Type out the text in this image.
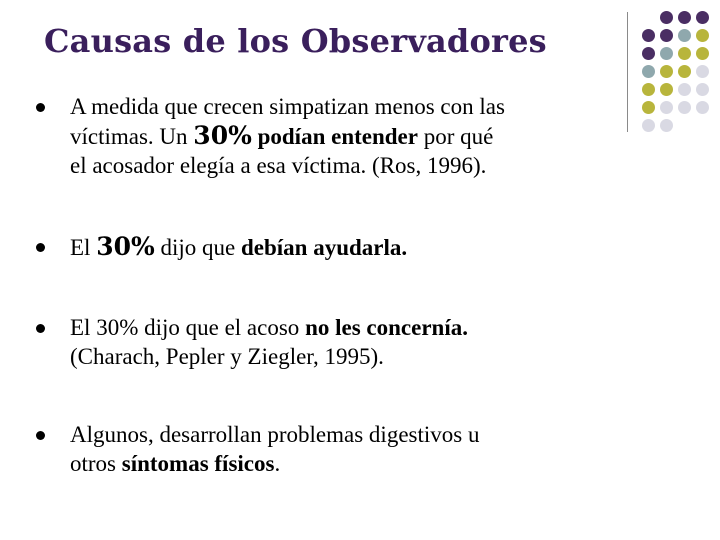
Causas de los Observadores
A medida que crecen simpatizan menos con las
víctimas. Un 30% podían entender por qué
el acosador elegía a esa víctima. (Ros, 1996).
El 30% dijo que debían ayudarla.
El 30% dijo que el acoso no les concernía.
(Charach, Pepler y Ziegler, 1995).
Algunos, desarrollan problemas digestivos u
otros síntomas físicos.
